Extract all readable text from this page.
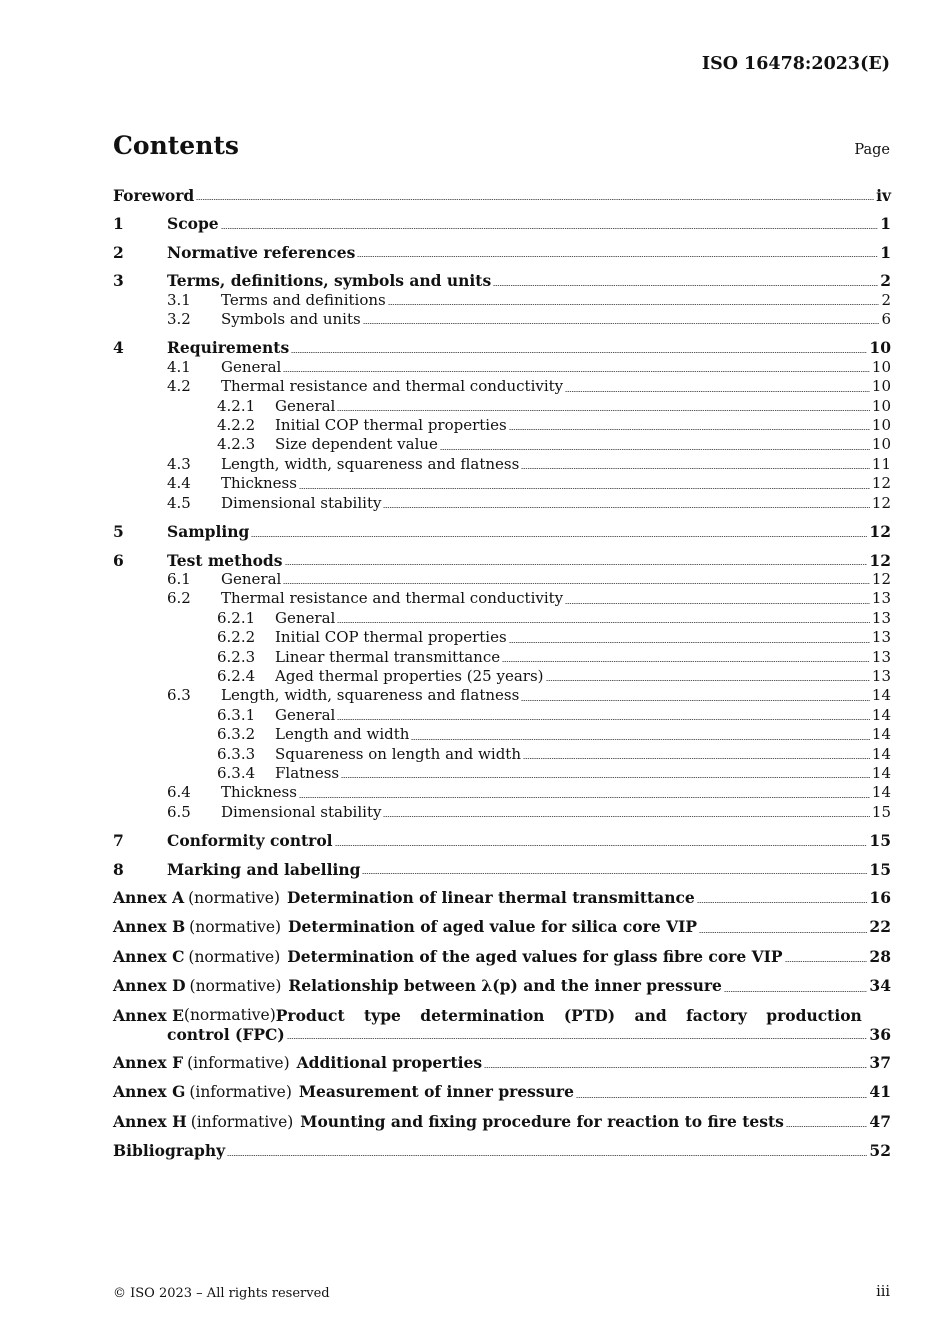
ISO 16478:2023(E)
Contents	Page
Foreword	iv
1	Scope	1
2	Normative references	1
3	Terms, definitions, symbols and units	2
3.1	Terms and definitions	2
3.2	Symbols and units	6
4	Requirements	10
4.1	General	10
4.2	Thermal resistance and thermal conductivity	10
4.2.1	General	10
4.2.2	Initial COP thermal properties	10
4.2.3	Size dependent value	10
4.3	Length, width, squareness and flatness	11
4.4	Thickness	12
4.5	Dimensional stability	12
5	Sampling	12
6	Test methods	12
6.1	General	12
6.2	Thermal resistance and thermal conductivity	13
6.2.1	General	13
6.2.2	Initial COP thermal properties	13
6.2.3	Linear thermal transmittance	13
6.2.4	Aged thermal properties (25 years)	13
6.3	Length, width, squareness and flatness	14
6.3.1	General	14
6.3.2	Length and width	14
6.3.3	Squareness on length and width	14
6.3.4	Flatness	14
6.4	Thickness	14
6.5	Dimensional stability	15
7	Conformity control	15
8	Marking and labelling	15
Annex A (normative) Determination of linear thermal transmittance	16
Annex B (normative) Determination of aged value for silica core VIP	22
Annex C (normative) Determination of the aged values for glass fibre core VIP	28
Annex D (normative) Relationship between λ(p) and the inner pressure	34
Annex E (normative) Product type determination (PTD) and factory production
control (FPC)	36
Annex F (informative) Additional properties	37
Annex G (informative) Measurement of inner pressure	41
Annex H (informative) Mounting and fixing procedure for reaction to fire tests	47
Bibliography	52
© ISO 2023 – All rights reserved	iii
